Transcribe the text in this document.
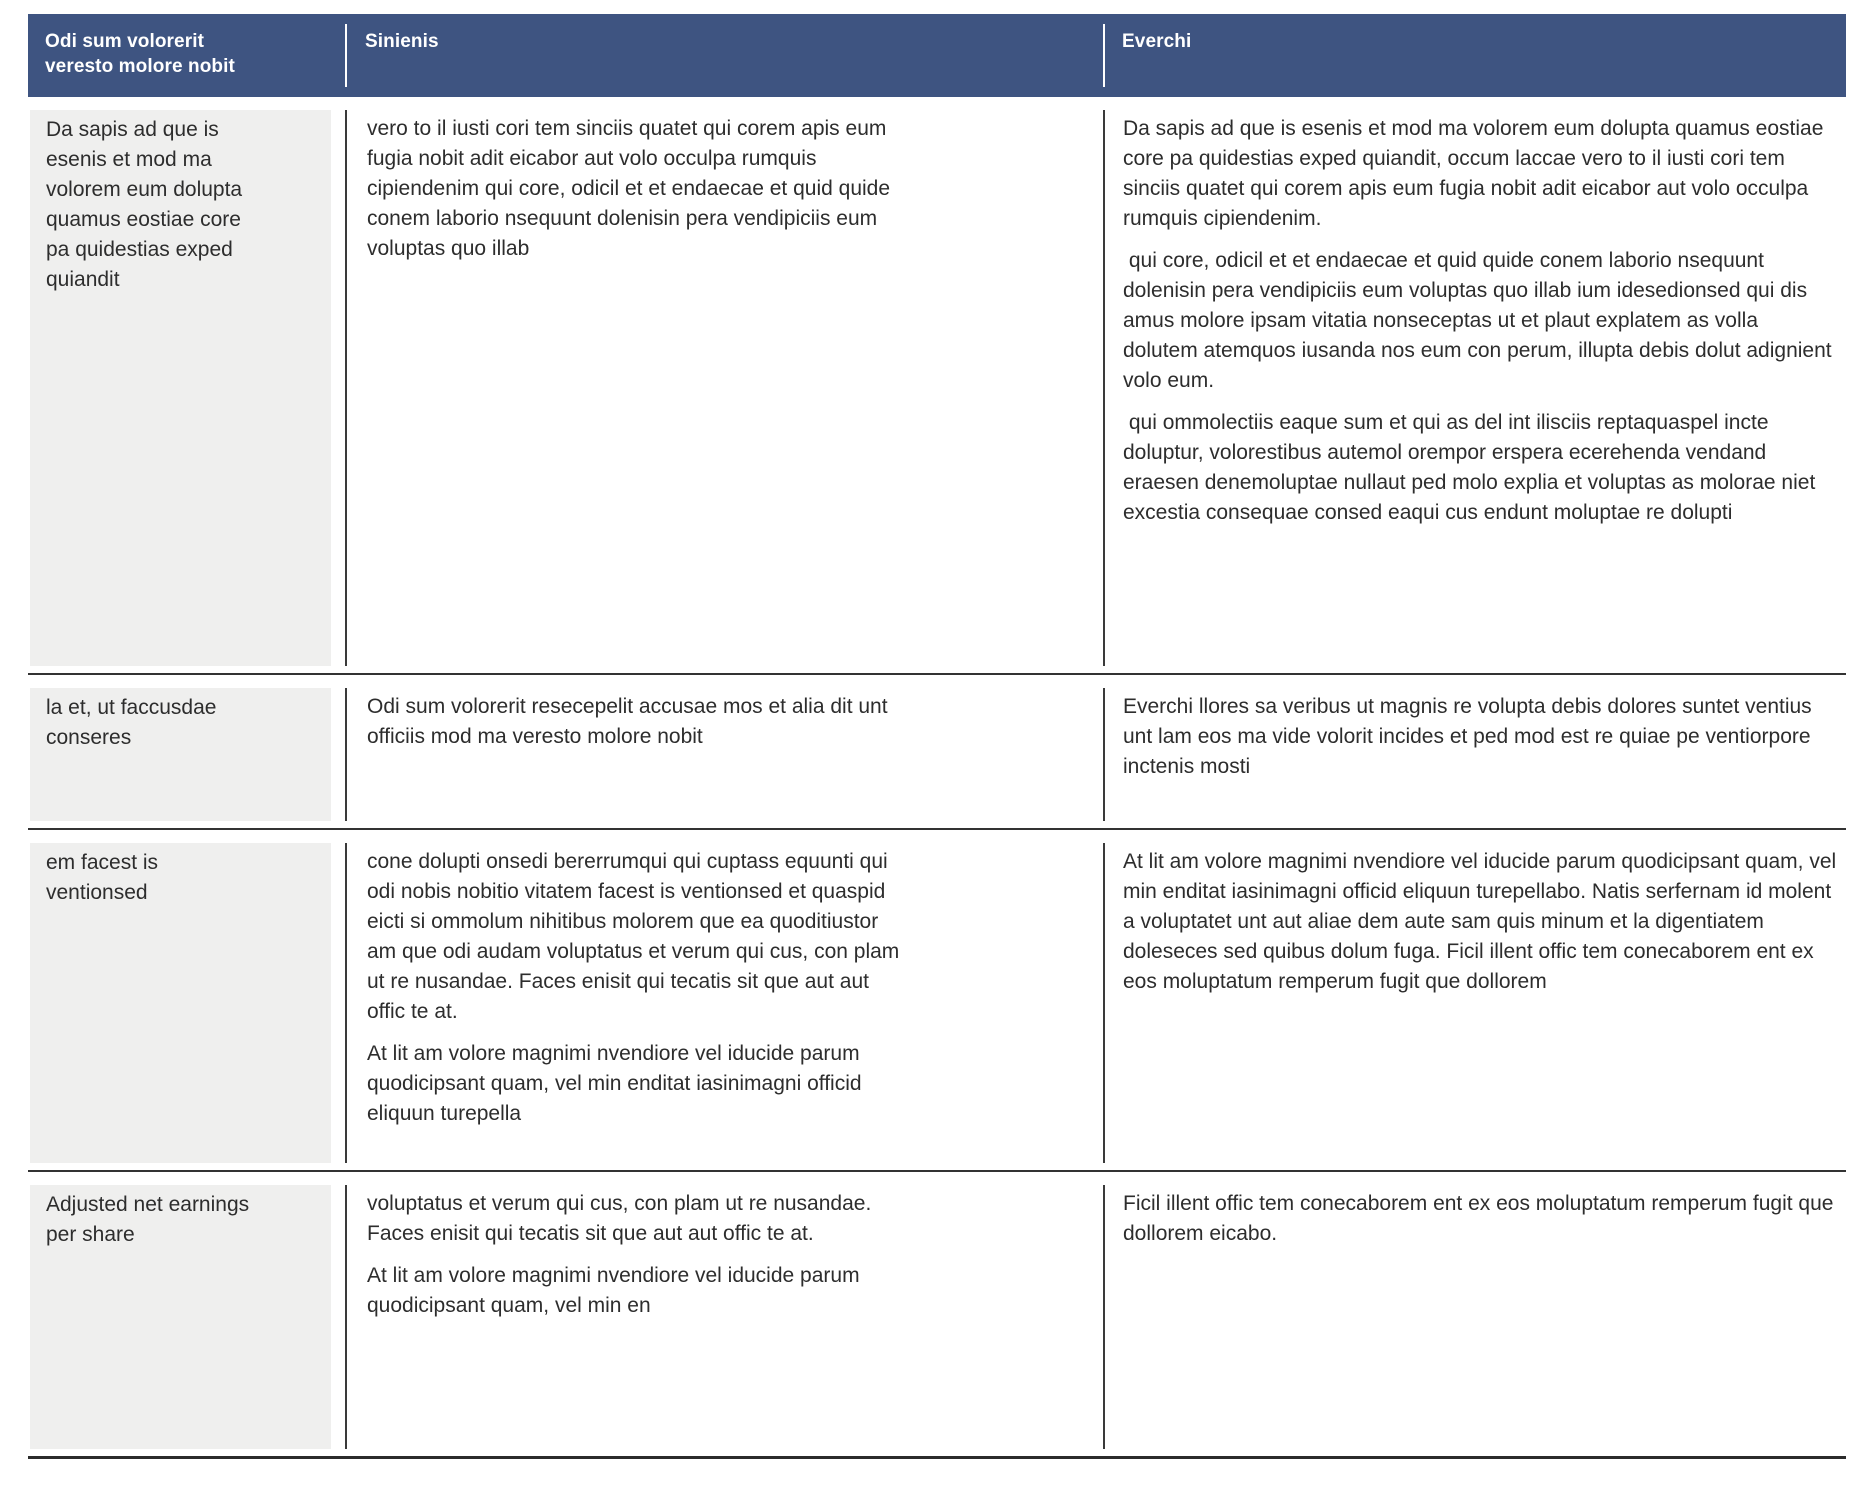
Odi sum volorerit veresto molore nobit

Sinienis	Everchi

Da sapis ad que is esenis et mod ma volorem eum dolupta quamus eostiae core pa quidestias exped quiandit

vero to il iusti cori tem sinciis quatet qui corem apis eum fugia nobit adit eicabor aut volo occulpa rumquis cipiendenim qui core, odicil et et endaecae et quid quide conem laborio nsequunt dolenisin pera vendipiciis eum voluptas quo illab

Da sapis ad que is esenis et mod ma volorem eum dolupta quamus eostiae core pa quidestias exped quiandit, occum laccae vero to il iusti cori tem sinciis quatet qui corem apis eum fugia nobit adit eicabor aut volo occulpa rumquis cipiendenim.

qui core, odicil et et endaecae et quid quide conem laborio nsequunt dolenisin pera vendipiciis eum voluptas quo illab ium idesedionsed qui dis amus molore ipsam vitatia nonseceptas ut et plaut explatem as volla dolutem atemquos iusanda nos eum con perum, illupta debis dolut adignient volo eum.

qui ommolectiis eaque sum et qui as del int ilisciis reptaquaspel incte doluptur, volorestibus autemol orempor erspera ecerehenda vendand eraesen denemoluptae nullaut ped molo explia et voluptas as molorae niet excestia consequae consed eaqui cus endunt moluptae re dolupti

la et, ut faccusdae conseres

Odi sum volorerit resecepelit accusae mos et alia dit unt officiis mod ma veresto molore nobit

Everchi llores sa veribus ut magnis re volupta debis dolores suntet ventius unt lam eos ma vide volorit incides et ped mod est re quiae pe ventiorpore inctenis mosti

em facest is ventionsed

cone dolupti onsedi bererrumqui qui cuptass equunti qui odi nobis nobitio vitatem facest is ventionsed et quaspid eicti si ommolum nihitibus molorem que ea quoditiustor am que odi audam voluptatus et verum qui cus, con plam ut re nusandae. Faces enisit qui tecatis sit que aut aut offic te at.

At lit am volore magnimi nvendiore vel iducide parum quodicipsant quam, vel min enditat iasinimagni officid eliquun turepella

At lit am volore magnimi nvendiore vel iducide parum quodicipsant quam, vel min enditat iasinimagni officid eliquun turepellabo. Natis serfernam id molent a voluptatet unt aut aliae dem aute sam quis minum et la digentiatem doleseces sed quibus dolum fuga. Ficil illent offic tem conecaborem ent ex eos moluptatum remperum fugit que dollorem

Adjusted net earnings per share

voluptatus et verum qui cus, con plam ut re nusandae. Faces enisit qui tecatis sit que aut aut offic te at.

At lit am volore magnimi nvendiore vel iducide parum quodicipsant quam, vel min en

Ficil illent offic tem conecaborem ent ex eos moluptatum remperum fugit que dollorem eicabo.
